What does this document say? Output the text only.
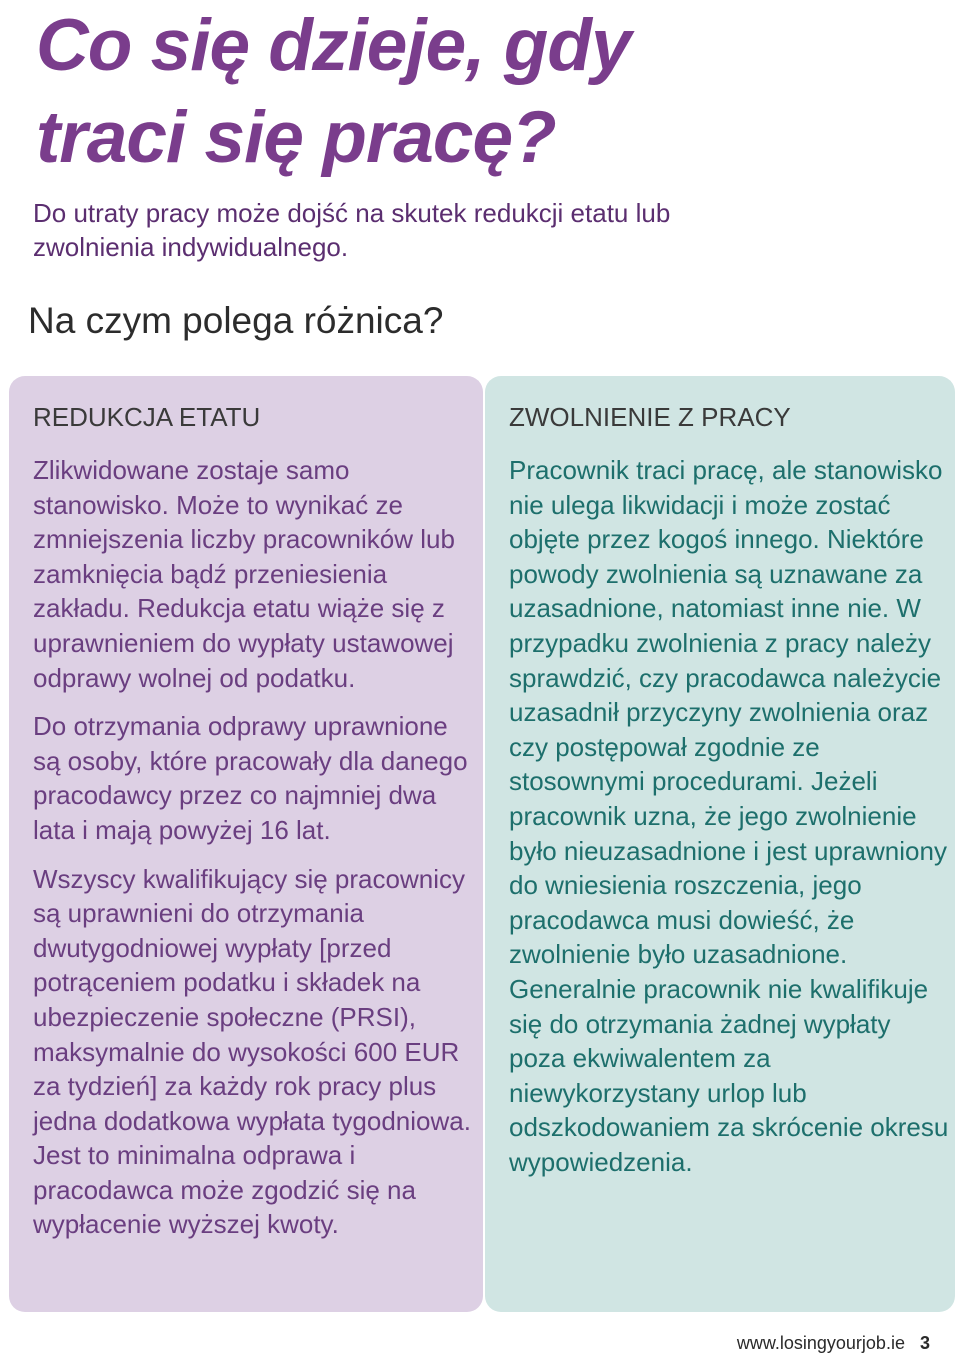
Co się dzieje, gdy
traci się pracę?

Do utraty pracy może dojść na skutek redukcji etatu lub zwolnienia indywidualnego.

Na czym polega różnica?
REDUKCJA ETATU

Zlikwidowane zostaje samo stanowisko. Może to wynikać ze zmniejszenia liczby pracowników lub zamknięcia bądź przeniesienia zakładu. Redukcja etatu wiąże się z uprawnieniem do wypłaty ustawowej odprawy wolnej od podatku.

Do otrzymania odprawy uprawnione są osoby, które pracowały dla danego pracodawcy przez co najmniej dwa lata i mają powyżej 16 lat.

Wszyscy kwalifikujący się pracownicy są uprawnieni do otrzymania dwutygodniowej wypłaty [przed potrąceniem podatku i składek na ubezpieczenie społeczne (PRSI), maksymalnie do wysokości 600 EUR za tydzień] za każdy rok pracy plus jedna dodatkowa wypłata tygodniowa. Jest to minimalna odprawa i pracodawca może zgodzić się na wypłacenie wyższej kwoty.

ZWOLNIENIE Z PRACY

Pracownik traci pracę, ale stanowisko nie ulega likwidacji i może zostać objęte przez kogoś innego. Niektóre powody zwolnienia są uznawane za uzasadnione, natomiast inne nie. W przypadku zwolnienia z pracy należy sprawdzić, czy pracodawca należycie uzasadnił przyczyny zwolnienia oraz czy postępował zgodnie ze stosownymi procedurami. Jeżeli pracownik uzna, że jego zwolnienie było nieuzasadnione i jest uprawniony do wniesienia roszczenia, jego pracodawca musi dowieść, że zwolnienie było uzasadnione. Generalnie pracownik nie kwalifikuje się do otrzymania żadnej wypłaty poza ekwiwalentem za niewykorzystany urlop lub odszkodowaniem za skrócenie okresu wypowiedzenia.

www.losingyourjob.ie 3
